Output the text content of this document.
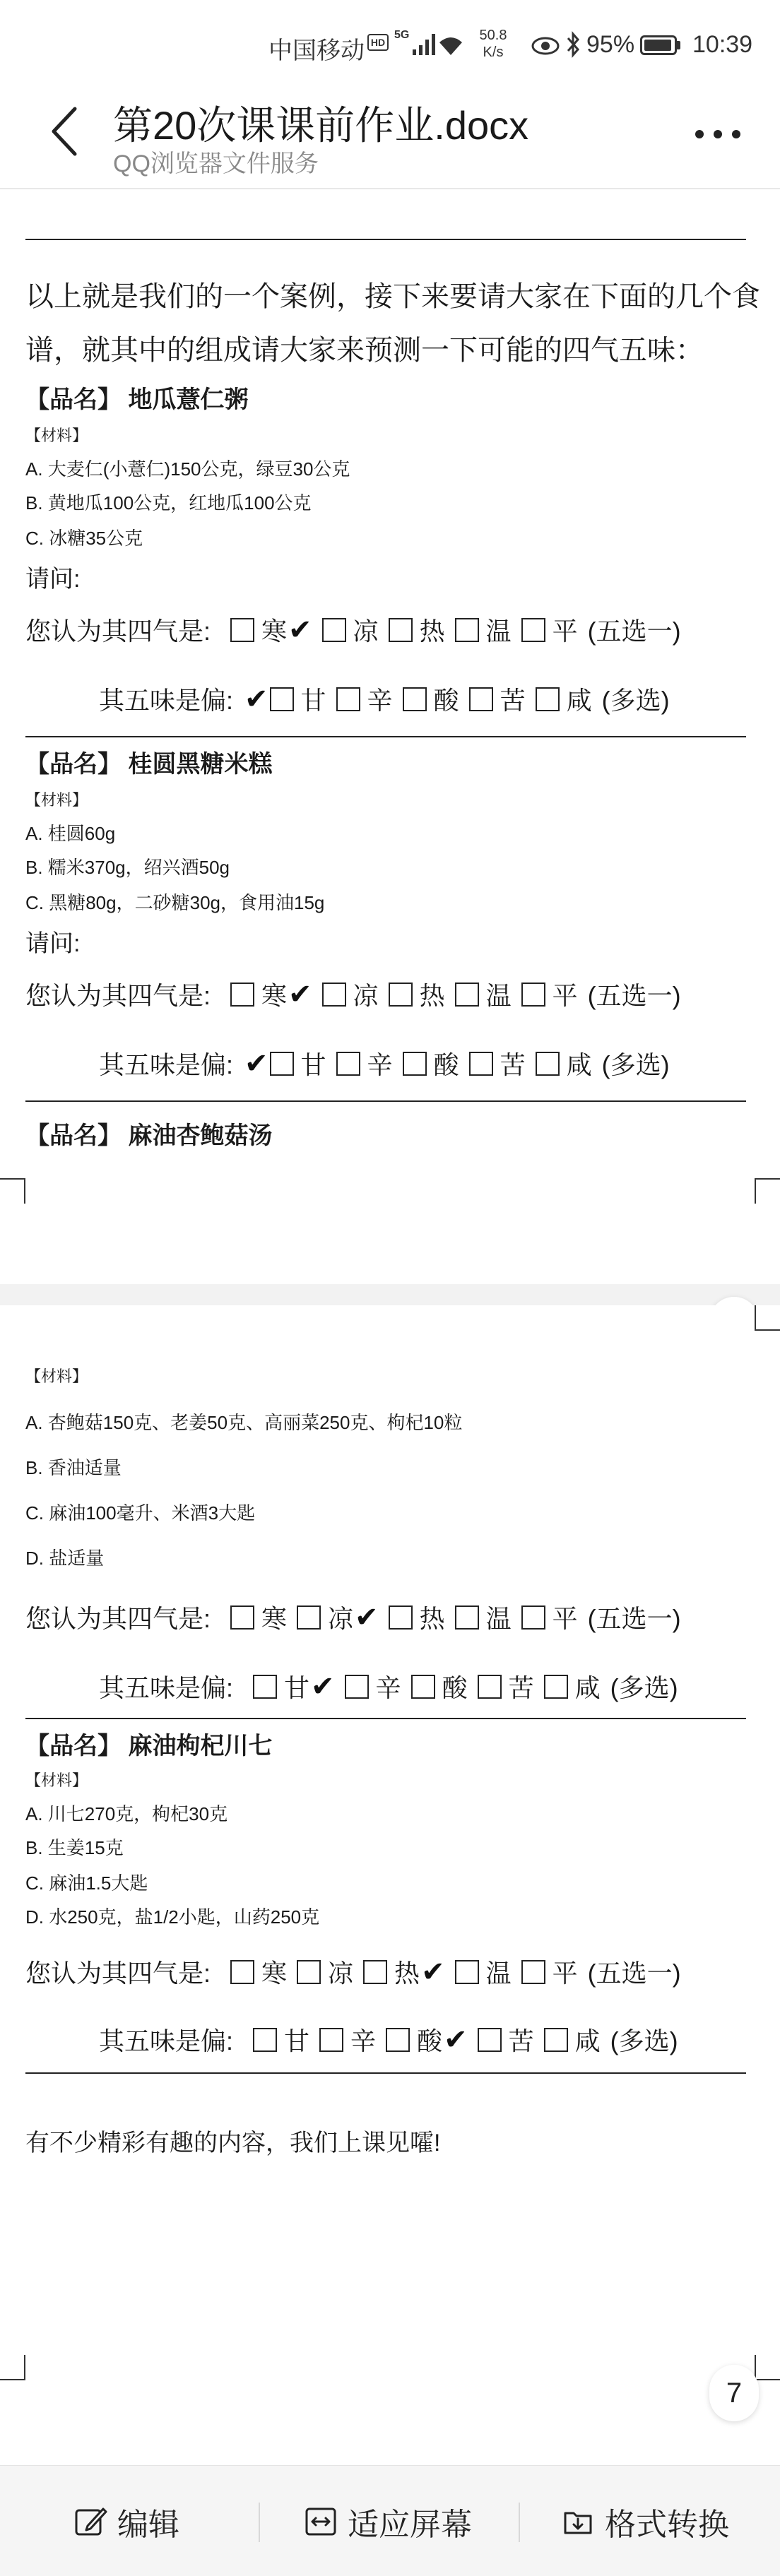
中国移动 HD
5G	50.8
K/s	95% 10:39
第20次课课前作业.docx
QQ浏览器文件服务
以上就是我们的一个案例，接下来要请大家在下面的几个食
谱，就其中的组成请大家来预测一下可能的四气五味：
【品名】 地瓜薏仁粥
【材料】
A. 大麦仁(小薏仁)150公克，绿豆30公克
B. 黄地瓜100公克，红地瓜100公克
C. 冰糖35公克
请问:
您认为其四气是: 寒 ✔ 凉 热 温 平 (五选一)
其五味是偏: ✔ 甘 辛 酸 苦 咸 (多选)
【品名】 桂圆黑糖米糕
【材料】
A. 桂圆60g
B. 糯米370g，绍兴酒50g
C. 黑糖80g，二砂糖30g，食用油15g
请问:
您认为其四气是: 寒 ✔ 凉 热 温 平 (五选一)
其五味是偏: ✔ 甘 辛 酸 苦 咸 (多选)
【品名】 麻油杏鲍菇汤
【材料】
A. 杏鲍菇150克、老姜50克、高丽菜250克、枸杞10粒
B. 香油适量
C. 麻油100毫升、米酒3大匙
D. 盐适量
您认为其四气是: 寒 凉 ✔ 热 温 平 (五选一)
其五味是偏: 甘 ✔ 辛 酸 苦 咸 (多选)
【品名】 麻油枸杞川七
【材料】
A. 川七270克，枸杞30克
B. 生姜15克
C. 麻油1.5大匙
D. 水250克，盐1/2小匙，山药250克
您认为其四气是: 寒 凉 热 ✔ 温 平 (五选一)
其五味是偏: 甘 辛 酸 ✔ 苦 咸 (多选)
有不少精彩有趣的内容，我们上课见嚯!
7
编辑	适应屏幕	格式转换
